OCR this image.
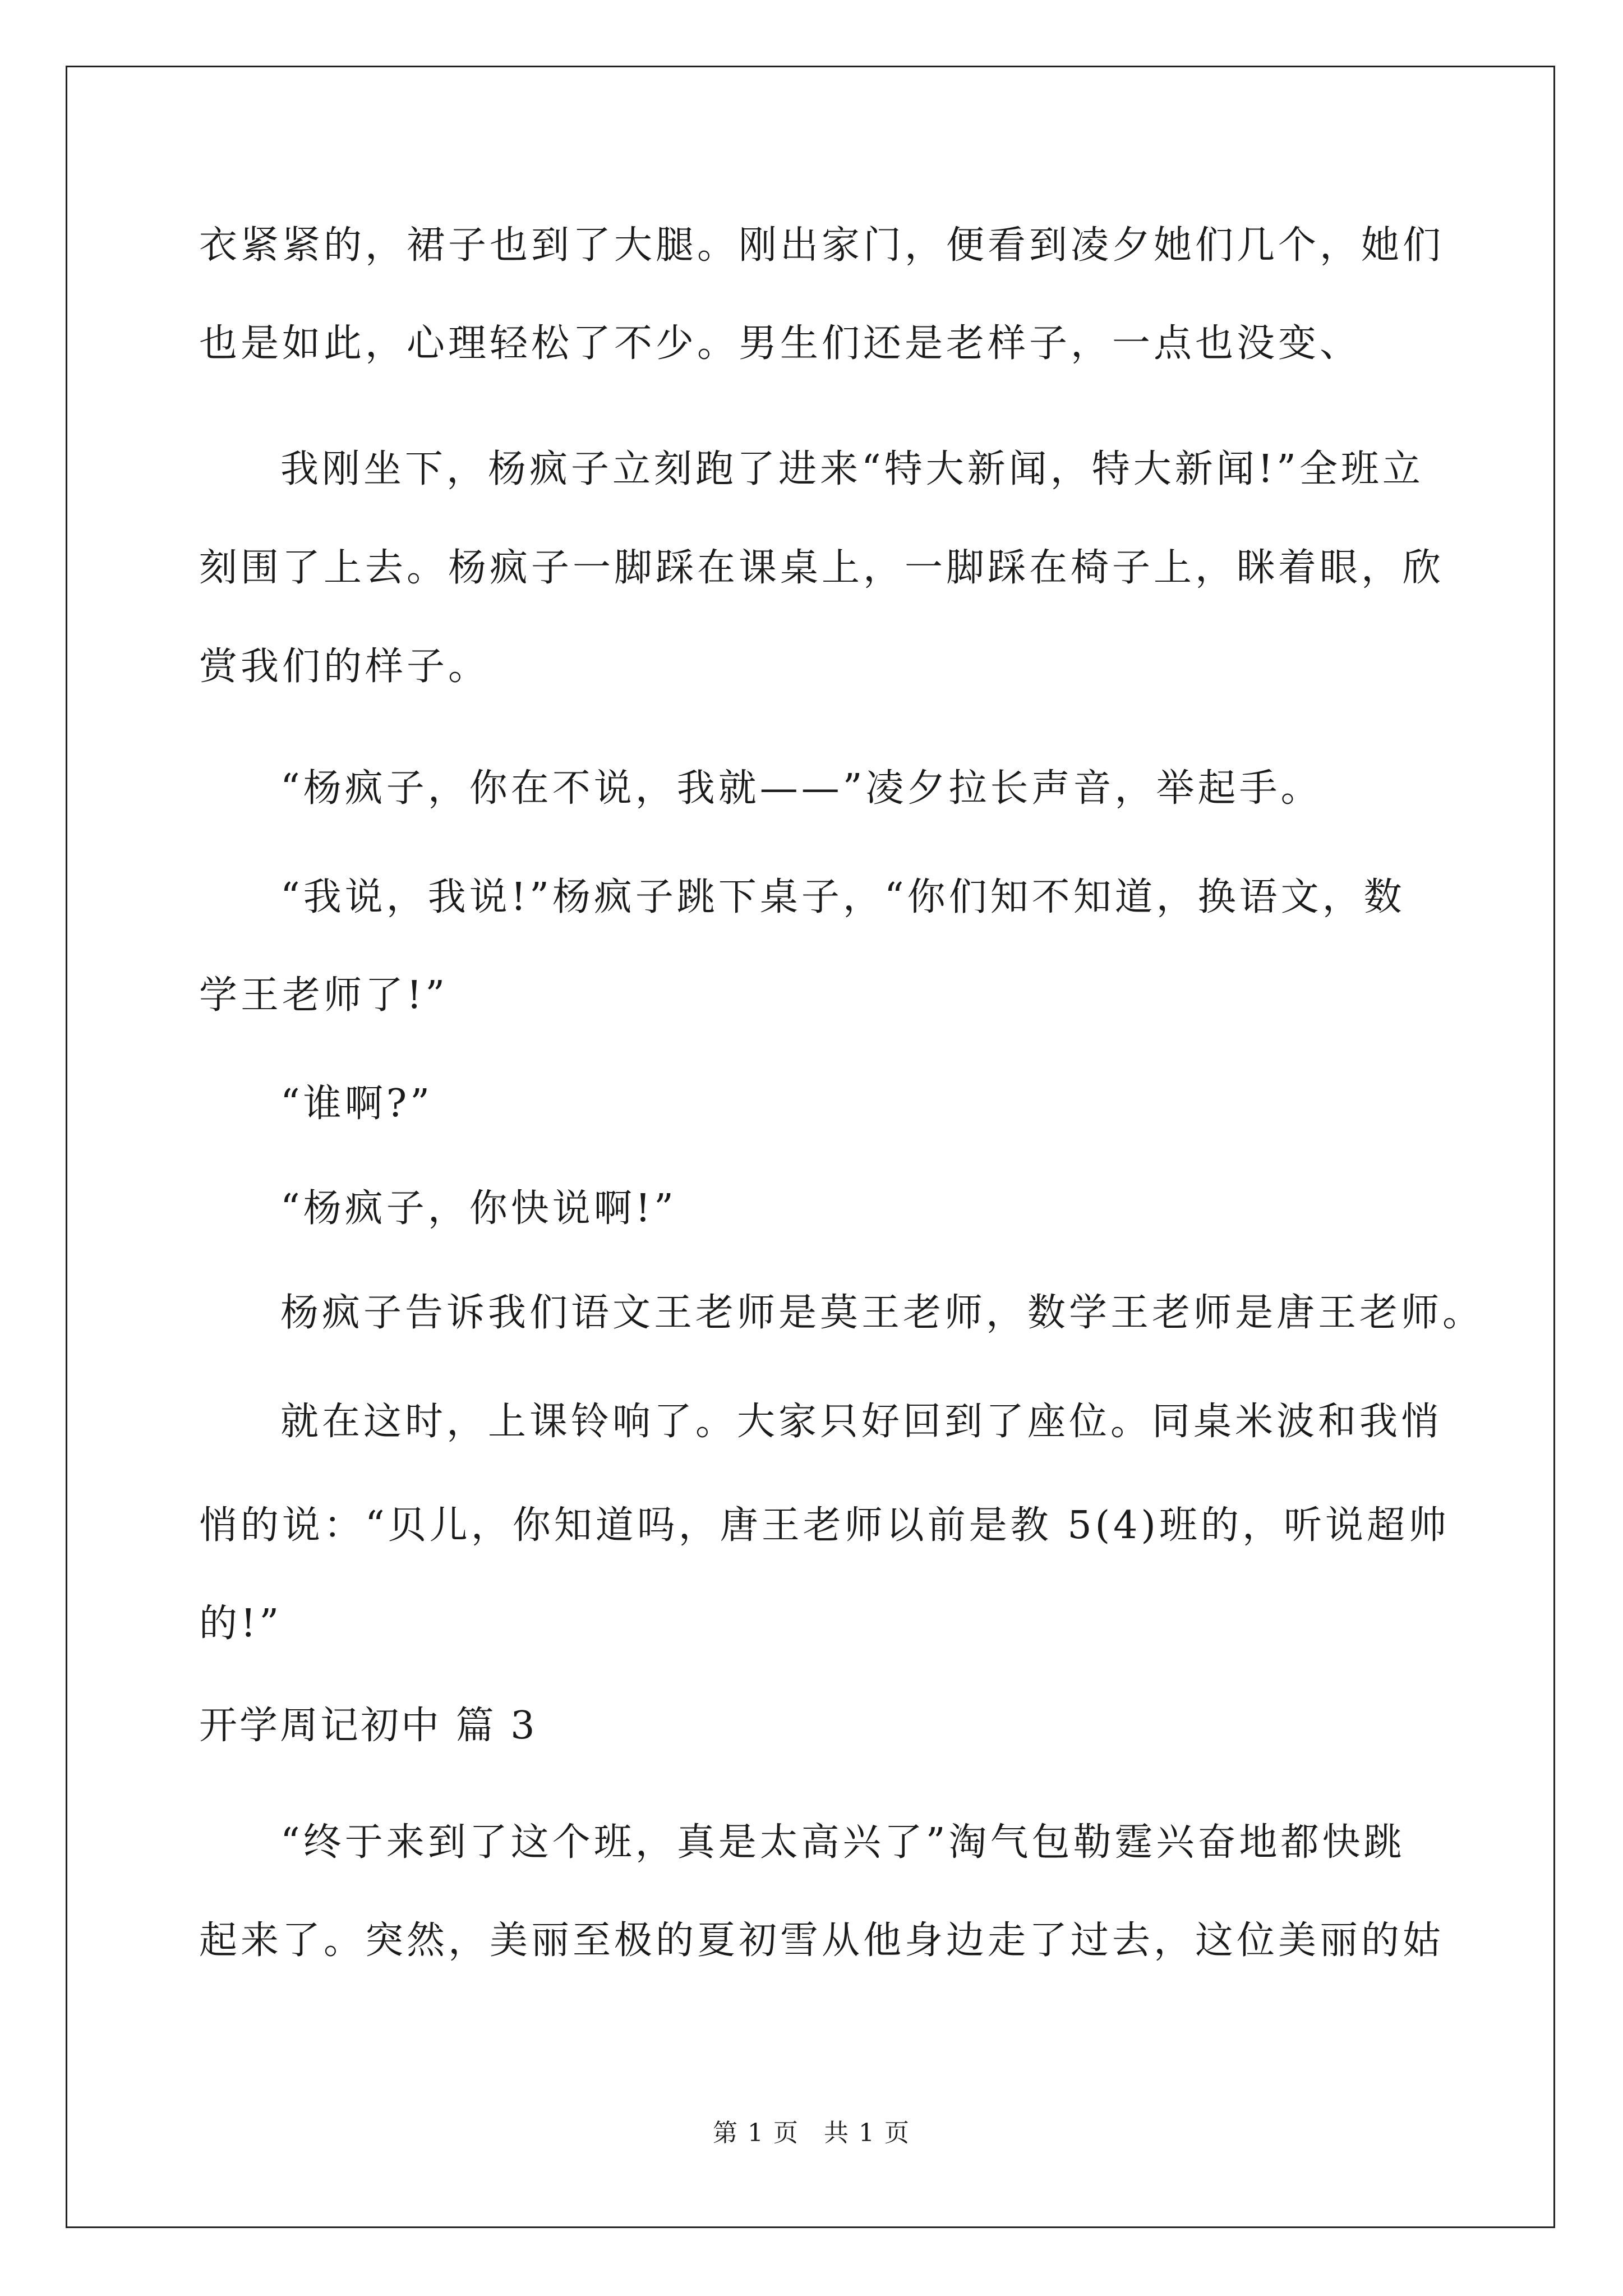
衣紧紧的，裙子也到了大腿。刚出家门，便看到凌夕她们几个，她们
也是如此，心理轻松了不少。男生们还是老样子，一点也没变、
我刚坐下，杨疯子立刻跑了进来“特大新闻，特大新闻!”全班立
刻围了上去。杨疯子一脚踩在课桌上，一脚踩在椅子上，眯着眼，欣
赏我们的样子。
“杨疯子，你在不说，我就——”凌夕拉长声音，举起手。
“我说，我说!”杨疯子跳下桌子，“你们知不知道，换语文，数
学王老师了!”
“谁啊?”
“杨疯子，你快说啊!”
杨疯子告诉我们语文王老师是莫王老师，数学王老师是唐王老师。
就在这时，上课铃响了。大家只好回到了座位。同桌米波和我悄
悄的说：“贝儿，你知道吗，唐王老师以前是教 5(4)班的，听说超帅
的!”
开学周记初中 篇 3
“终于来到了这个班，真是太高兴了”淘气包勒霆兴奋地都快跳
起来了。突然，美丽至极的夏初雪从他身边走了过去，这位美丽的姑
第 1 页 共 1 页
